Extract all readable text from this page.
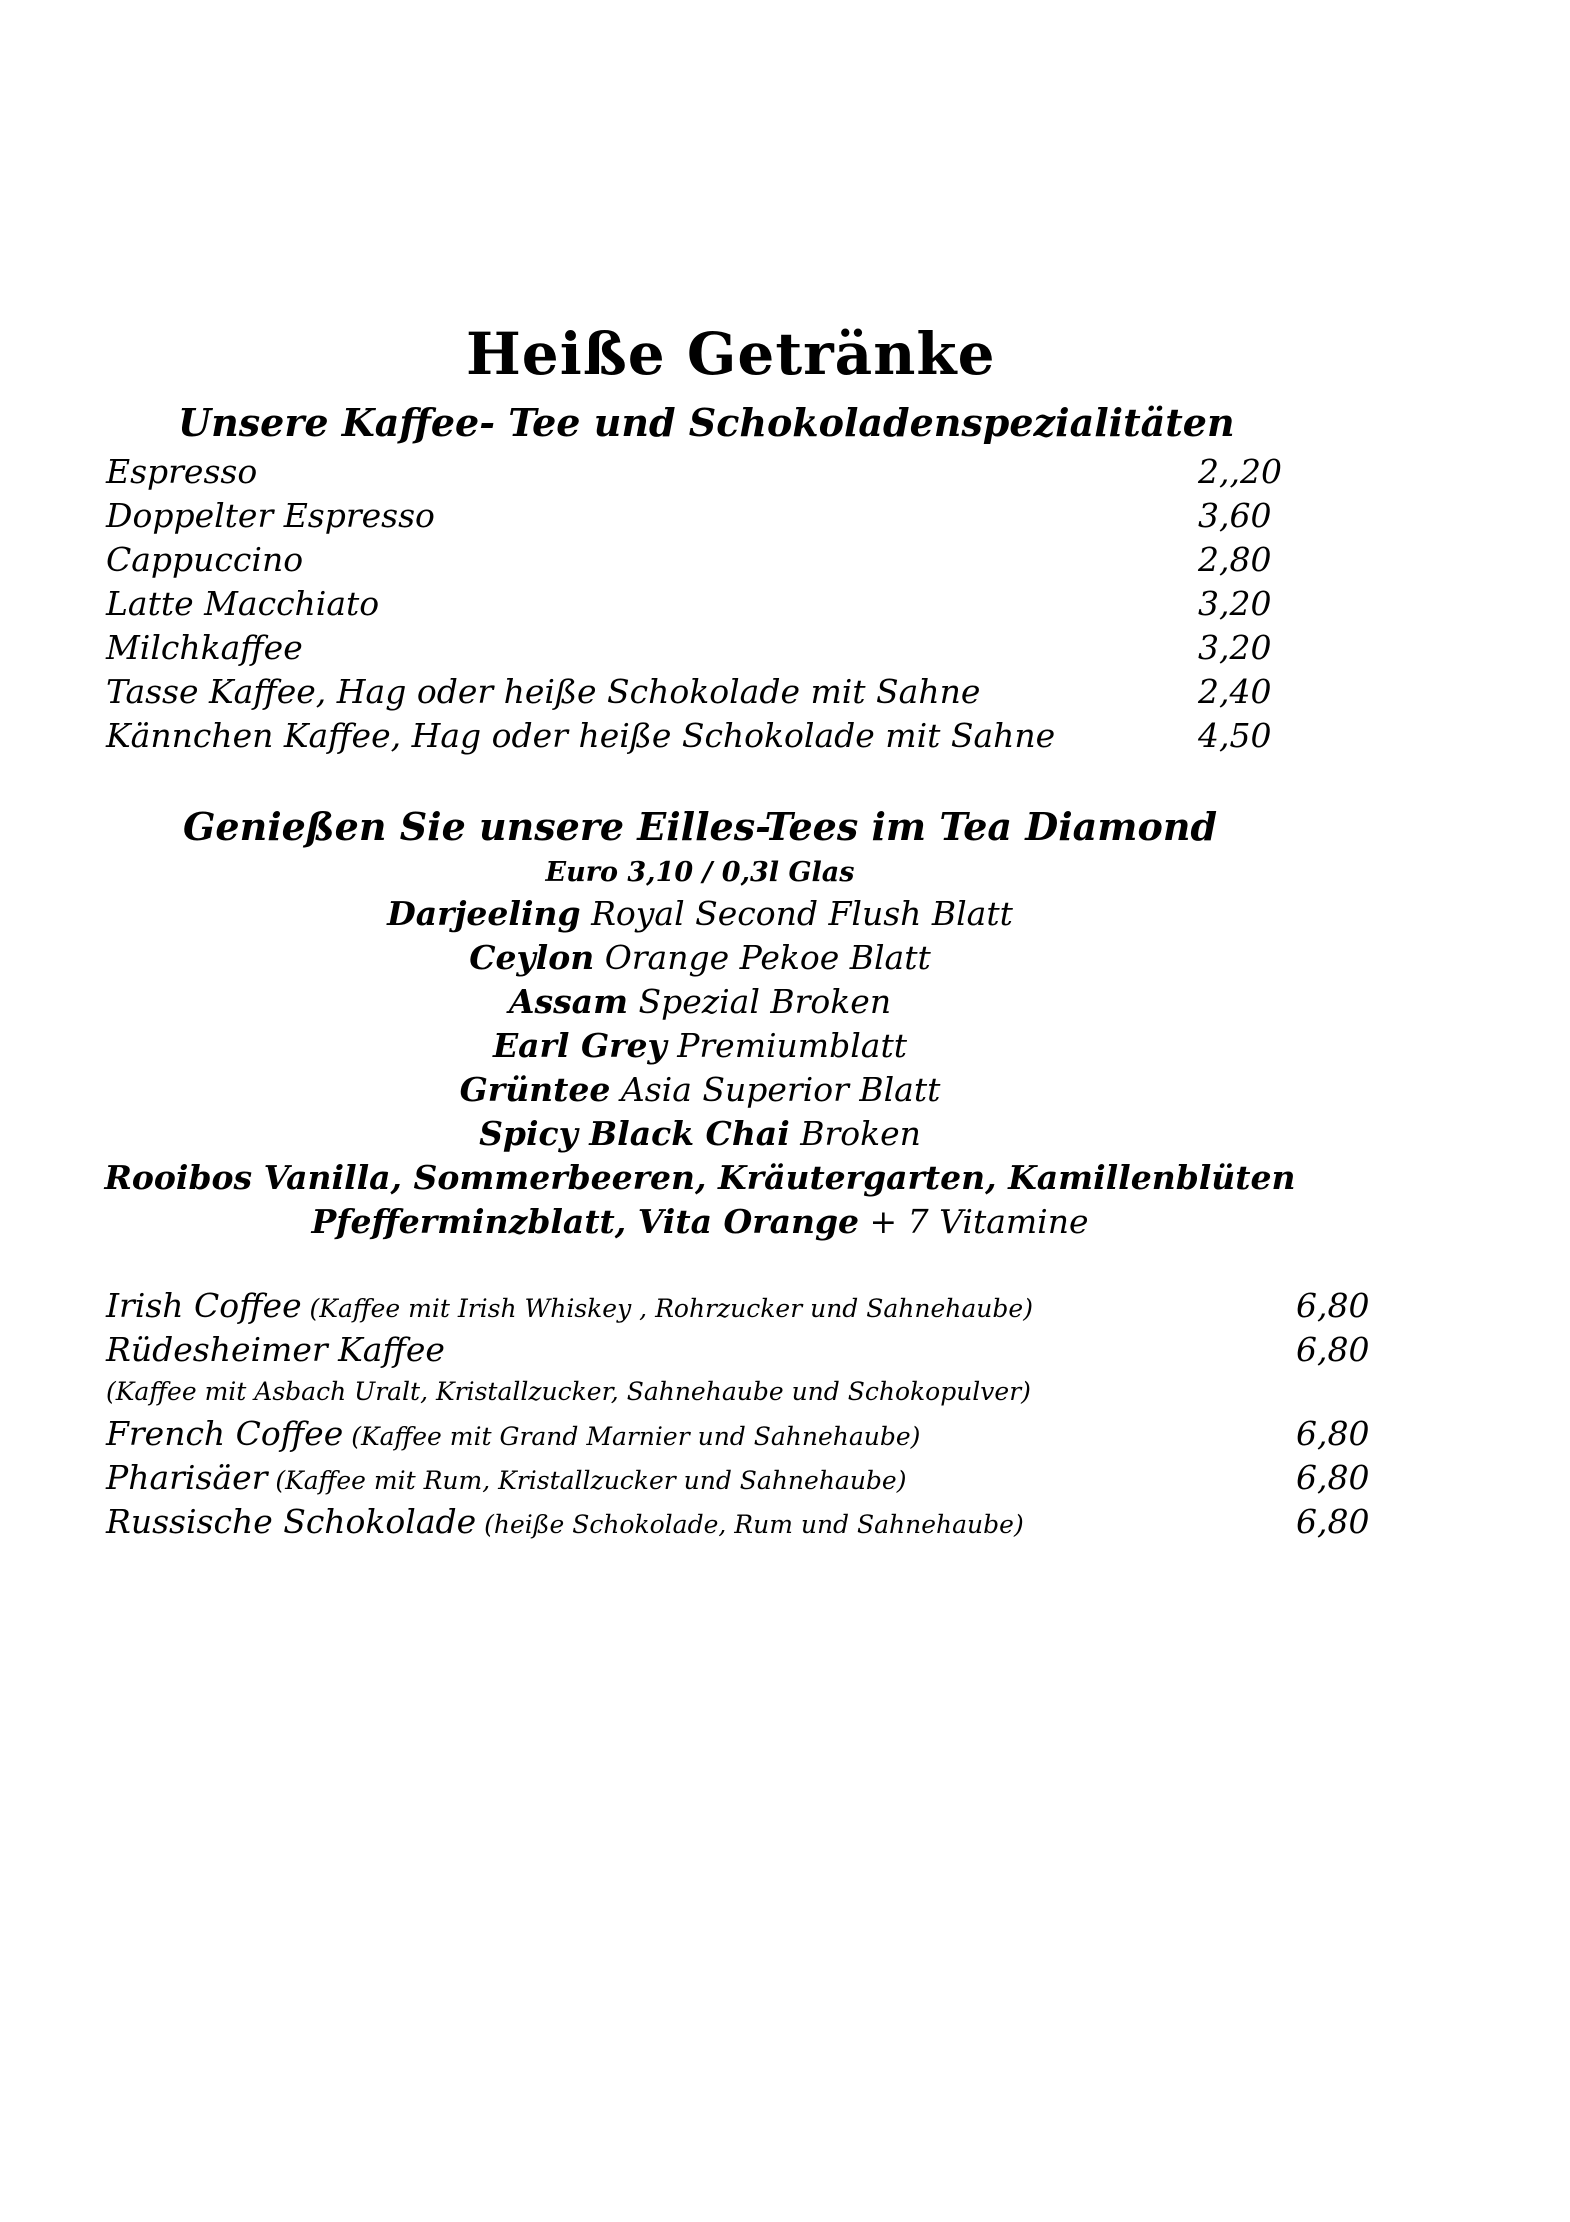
Heiße Getränke
Unsere Kaffee- Tee und Schokoladenspezialitäten
Espresso	2,,20
Doppelter Espresso	3,60
Cappuccino	2,80
Latte Macchiato	3,20
Milchkaffee	3,20
Tasse Kaffee, Hag oder heiße Schokolade mit Sahne	2,40
Kännchen Kaffee, Hag oder heiße Schokolade mit Sahne	4,50
Genießen Sie unsere Eilles-Tees im Tea Diamond
Euro 3,10 / 0,3l Glas
Darjeeling Royal Second Flush Blatt
Ceylon Orange Pekoe Blatt
Assam Spezial Broken
Earl Grey Premiumblatt
Grüntee Asia Superior Blatt
Spicy Black Chai Broken
Rooibos Vanilla, Sommerbeeren, Kräutergarten, Kamillenblüten
Pfefferminzblatt, Vita Orange + 7 Vitamine
Irish Coffee (Kaffee mit Irish Whiskey , Rohrzucker und Sahnehaube)	6,80
Rüdesheimer Kaffee	6,80
(Kaffee mit Asbach Uralt, Kristallzucker, Sahnehaube und Schokopulver)
French Coffee (Kaffee mit Grand Marnier und Sahnehaube)	6,80
Pharisäer (Kaffee mit Rum, Kristallzucker und Sahnehaube)	6,80
Russische Schokolade (heiße Schokolade, Rum und Sahnehaube)	6,80
